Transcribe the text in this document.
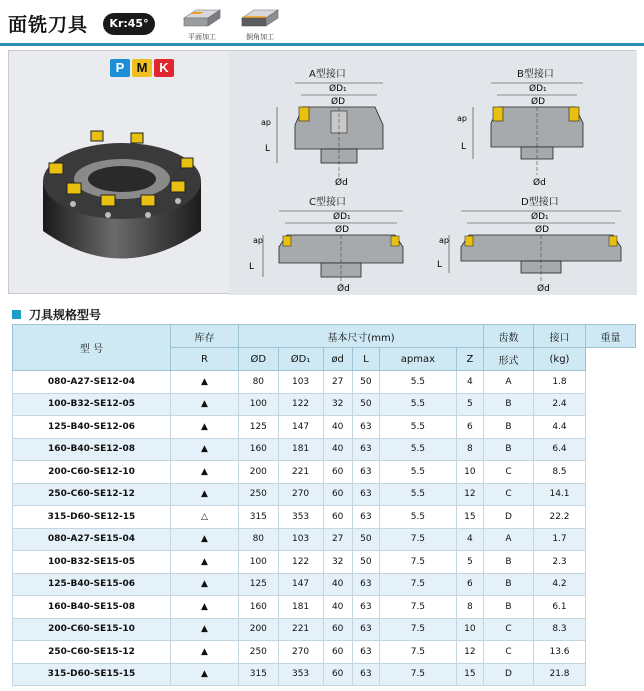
面铣刀具	Kr:45°
平面加工	倒角加工
P M K	A型接口	B型接口
C型接口	D型接口
ØD₁
ØD
Ød
L
ap
ØD₁
ØD
Ød
L
ap
ØD₁
ØD
Ød
L
ap
ØD₁
ØD
Ød
L
ap
刀具规格型号
型 号	库存	基本尺寸(mm)						齿数	接口	重量
	R	ØD	ØD₁	ød	L	apmax	Z	形式	(kg)	
080-A27-SE12-04	▲	80	103	27	50	5.5	4	A	1.8	
100-B32-SE12-05	▲	100	122	32	50	5.5	5	B	2.4	
125-B40-SE12-06	▲	125	147	40	63	5.5	6	B	4.4	
160-B40-SE12-08	▲	160	181	40	63	5.5	8	B	6.4	
200-C60-SE12-10	▲	200	221	60	63	5.5	10	C	8.5	
250-C60-SE12-12	▲	250	270	60	63	5.5	12	C	14.1	
315-D60-SE12-15	△	315	353	60	63	5.5	15	D	22.2	
080-A27-SE15-04	▲	80	103	27	50	7.5	4	A	1.7	
100-B32-SE15-05	▲	100	122	32	50	7.5	5	B	2.3	
125-B40-SE15-06	▲	125	147	40	63	7.5	6	B	4.2	
160-B40-SE15-08	▲	160	181	40	63	7.5	8	B	6.1	
200-C60-SE15-10	▲	200	221	60	63	7.5	10	C	8.3	
250-C60-SE15-12	▲	250	270	60	63	7.5	12	C	13.6	
315-D60-SE15-15	▲	315	353	60	63	7.5	15	D	21.8	
